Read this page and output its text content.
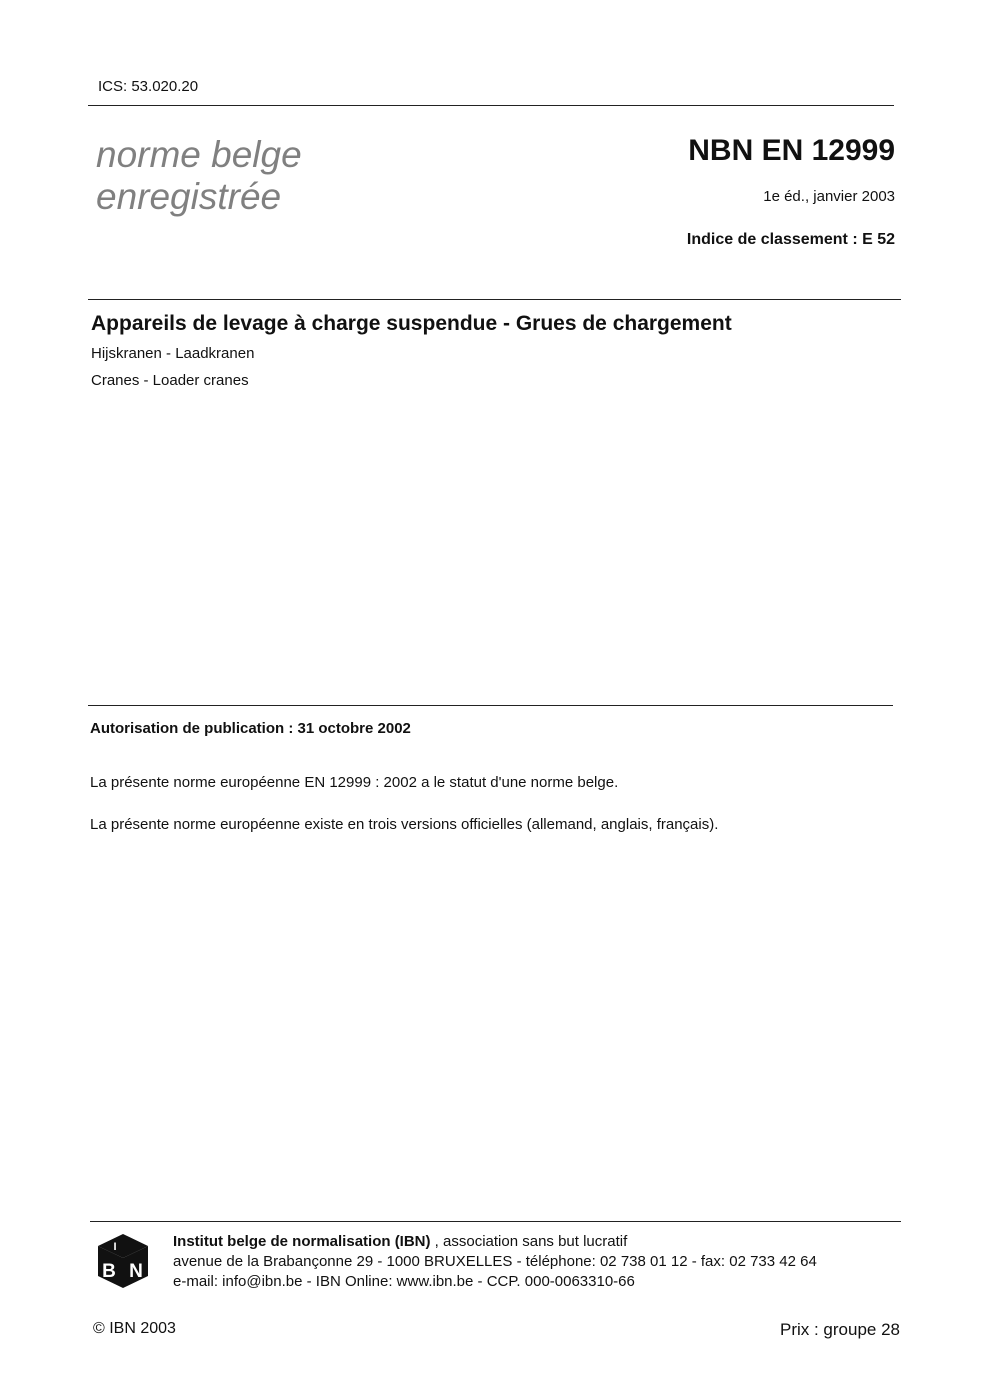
ICS: 53.020.20
norme belge
enregistrée
NBN EN 12999
1e éd., janvier 2003
Indice de classement : E 52
Appareils de levage à charge suspendue - Grues de chargement
Hijskranen - Laadkranen
Cranes - Loader cranes
Autorisation de publication : 31 octobre 2002
La présente norme européenne EN 12999 : 2002 a le statut d'une norme belge.
La présente norme européenne existe en trois versions officielles (allemand, anglais, français).
I
B N
Institut belge de normalisation (IBN) , association sans but lucratif
avenue de la Brabançonne 29 - 1000 BRUXELLES - téléphone: 02 738 01 12 - fax: 02 733 42 64
e-mail: info@ibn.be - IBN Online: www.ibn.be - CCP. 000-0063310-66
© IBN 2003	Prix : groupe 28
